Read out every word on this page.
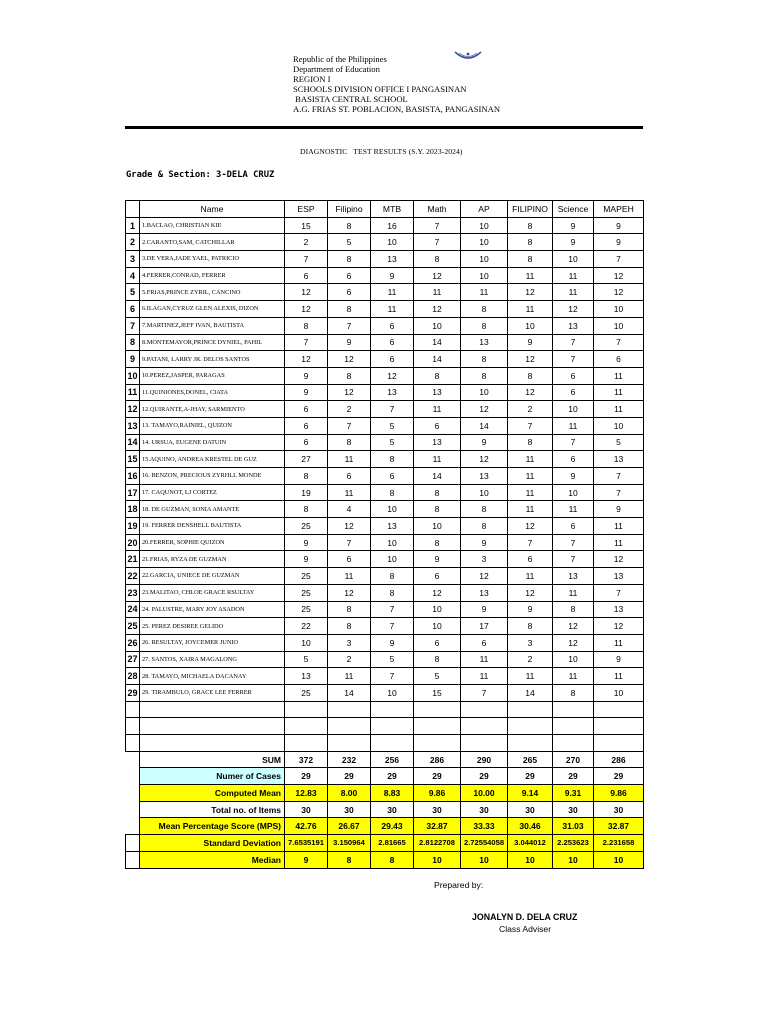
Republic of the Philippines
Department of Education
REGION I
SCHOOLS DIVISION OFFICE I PANGASINAN
BASISTA CENTRAL SCHOOL
A.G. FRIAS ST. POBLACION, BASISTA, PANGASINAN
DIAGNOSTIC   TEST RESULTS (S.Y. 2023-2024)
Grade & Section: 3-DELA CRUZ
	Name	ESP	Filipino	MTB	Math	AP	FILIPINO	Science	MAPEH
1	1.BACLAO, CHRISTIAN KIE	15	8	16	7	10	8	9	9
2	2.CARANTO,SAM, CATCHILLAR	2	5	10	7	10	8	9	9
3	3.DE VERA,JADE YAEL, PATRICIO	7	8	13	8	10	8	10	7
4	4.FERRER,CONRAD, FERRER	6	6	9	12	10	11	11	12
5	5.FRIAS,PRINCE ZYRIL, CANCINO	12	6	11	11	11	12	11	12
6	6.ILAGAN,CYRUZ GLEN ALEXIS, DIZON	12	8	11	12	8	11	12	10
7	7.MARTINEZ,JEFF IVAN, BAUTISTA	8	7	6	10	8	10	13	10
8	8.MONTEMAYOR,PRINCE DYNIEL, PAHIL	7	9	6	14	13	9	7	7
9	9.PATANI, LARRY JR. DELOS SANTOS	12	12	6	14	8	12	7	6
10	10.PEREZ,JASPER, PARAGAS	9	8	12	8	8	8	6	11
11	11.QUINIONES,DONEL, CIATA	9	12	13	13	10	12	6	11
12	12.QUIRANTE,A-JHAY, SARMIENTO	6	2	7	11	12	2	10	11
13	13. TAMAYO,RAINIEL, QUIZON	6	7	5	6	14	7	11	10
14	14. URSUA, EUGENE DATUIN	6	8	5	13	9	8	7	5
15	15.AQUINO, ANDREA KRESTEL DE GUZ	27	11	8	11	12	11	6	13
16	16. BENZON, PRECIOUS ZYRHLL MONDE	8	6	6	14	13	11	9	7
17	17. CAQUNOT, LJ CORTEZ	19	11	8	8	10	11	10	7
18	18. DE GUZMAN, SONIA AMANTE	8	4	10	8	8	11	11	9
19	19. FERRER DENSHELL BAUTISTA	25	12	13	10	8	12	6	11
20	20.FERRER, SOPHIE QUIZON	9	7	10	8	9	7	7	11
21	21.FRIAS, RYZA DE GUZMAN	9	6	10	9	3	6	7	12
22	22.GARCIA, UNIECE DE GUZMAN	25	11	8	6	12	11	13	13
23	23.MALITAO, CHLOE GRACE RSULTAY	25	12	8	12	13	12	11	7
24	24. PALUSTRE, MARY JOY ASADON	25	8	7	10	9	9	8	13
25	25. PEREZ DESIREE GELIDO	22	8	7	10	17	8	12	12
26	26. RESULTAY, JOYCEMER JUNIO	10	3	9	6	6	3	12	11
27	27. SANTOS, XAIRA MAGALONG	5	2	5	8	11	2	10	9
28	28. TAMAYO, MICHAELA DACANAY	13	11	7	5	11	11	11	11
29	29. TIRAMBULO, GRACE LEE FERRER	25	14	10	15	7	14	8	10

	SUM	372	232	256	286	290	265	270	286
	Numer of Cases	29	29	29	29	29	29	29	29
	Computed Mean	12.83	8.00	8.83	9.86	10.00	9.14	9.31	9.86
	Total no. of Items	30	30	30	30	30	30	30	30
	Mean Percentage Score (MPS)	42.76	26.67	29.43	32.87	33.33	30.46	31.03	32.87
	Standard Deviation	7.6535191	3.150964	2.81665	2.8122708	2.72554058	3.044012	2.253623	2.231658
	Median	9	8	8	10	10	10	10	10
Prepared by:
JONALYN D. DELA CRUZ
Class Adviser
